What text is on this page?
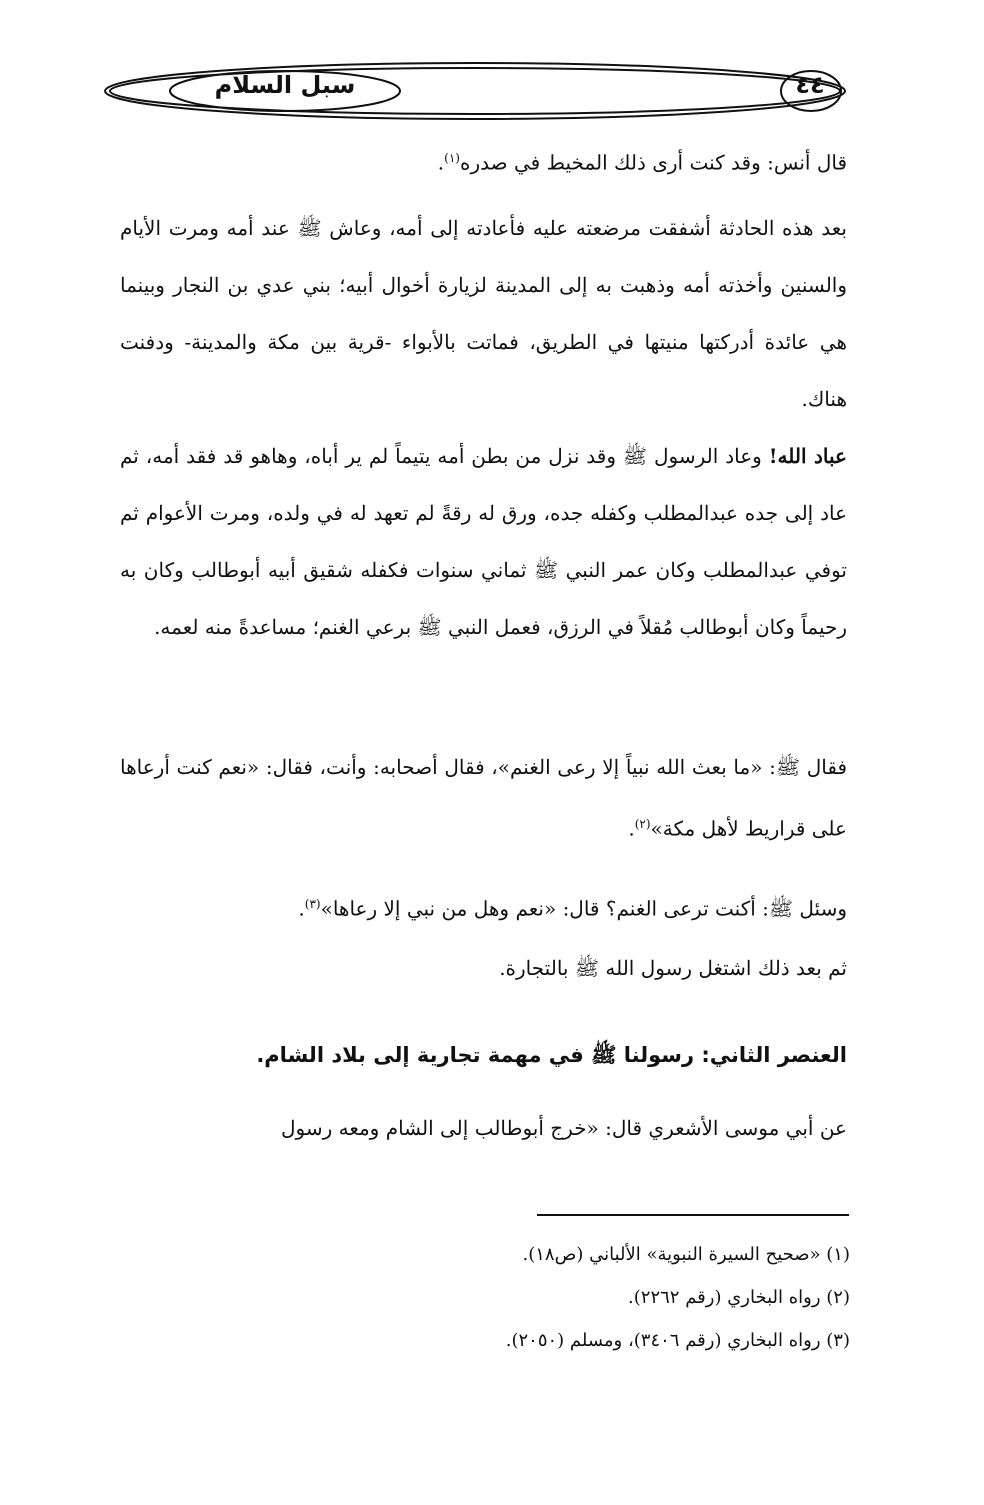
سبل السلام	٤٤
قال أنس: وقد كنت أرى ذلك المخيط في صدره$^{(١)}$.
بعد هذه الحادثة أشفقت مرضعته عليه فأعادته إلى أمه، وعاش ﷺ عند أمه ومرت الأيام والسنين وأخذته أمه وذهبت به إلى المدينة لزيارة أخوال أبيه؛ بني عدي بن النجار وبينما هي عائدة أدركتها منيتها في الطريق، فماتت بالأبواء -قرية بين مكة والمدينة- ودفنت هناك.
عباد الله! وعاد الرسول ﷺ وقد نزل من بطن أمه يتيماً لم ير أباه، وهاهو قد فقد أمه، ثم عاد إلى جده عبدالمطلب وكفله جده، ورق له رقةً لم تعهد له في ولده، ومرت الأعوام ثم توفي عبدالمطلب وكان عمر النبي ﷺ ثماني سنوات فكفله شقيق أبيه أبوطالب وكان به رحيماً وكان أبوطالب مُقلاً في الرزق، فعمل النبي ﷺ برعي الغنم؛ مساعدةً منه لعمه.
فقال ﷺ: «ما بعث الله نبياً إلا رعى الغنم»، فقال أصحابه: وأنت، فقال: «نعم كنت أرعاها على قراريط لأهل مكة»$^{(٢)}$.
وسئل ﷺ: أكنت ترعى الغنم؟ قال: «نعم وهل من نبي إلا رعاها»$^{(٣)}$.
ثم بعد ذلك اشتغل رسول الله ﷺ بالتجارة.
العنصر الثاني: رسولنا ﷺ في مهمة تجارية إلى بلاد الشام.
عن أبي موسى الأشعري قال: «خرج أبوطالب إلى الشام ومعه رسول
(١) «صحيح السيرة النبوية» الألباني (ص١٨).
(٢) رواه البخاري (رقم ٢٢٦٢).
(٣) رواه البخاري (رقم ٣٤٠٦)، ومسلم (٢٠٥٠).
